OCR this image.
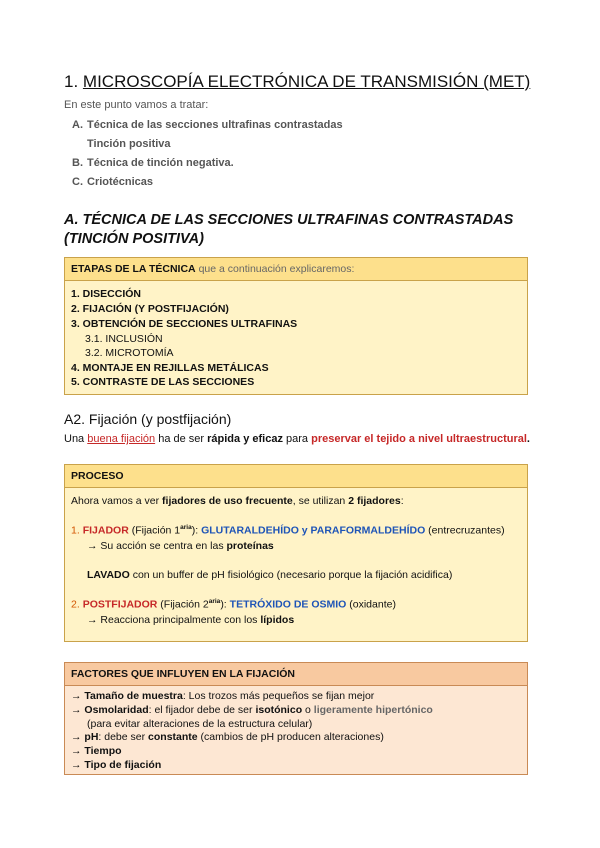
1. MICROSCOPÍA ELECTRÓNICA DE TRANSMISIÓN (MET)
En este punto vamos a tratar:
A. Técnica de las secciones ultrafinas contrastadas
Tinción positiva
B. Técnica de tinción negativa.
C. Criotécnicas
A. TÉCNICA DE LAS SECCIONES ULTRAFINAS CONTRASTADAS (TINCIÓN POSITIVA)
ETAPAS DE LA TÉCNICA que a continuación explicaremos:
1. DISECCIÓN
2. FIJACIÓN (Y POSTFIJACIÓN)
3. OBTENCIÓN DE SECCIONES ULTRAFINAS
3.1. INCLUSIÓN
3.2. MICROTOMÍA
4. MONTAJE EN REJILLAS METÁLICAS
5. CONTRASTE DE LAS SECCIONES
A2. Fijación (y postfijación)
Una buena fijación ha de ser rápida y eficaz para preservar el tejido a nivel ultraestructural.
PROCESO
Ahora vamos a ver fijadores de uso frecuente, se utilizan 2 fijadores:
1. FIJADOR (Fijación $1^{aria}$): GLUTARALDEHÍDO y PARAFORMALDEHÍDO (entrecruzantes)
→ Su acción se centra en las proteínas
LAVADO con un buffer de pH fisiológico (necesario porque la fijación acidifica)
2. POSTFIJADOR (Fijación $2^{aria}$): TETRÓXIDO DE OSMIO (oxidante)
→ Reacciona principalmente con los lípidos
FACTORES QUE INFLUYEN EN LA FIJACIÓN
→ Tamaño de muestra: Los trozos más pequeños se fijan mejor
→ Osmolaridad: el fijador debe de ser isotónico o ligeramente hipertónico
(para evitar alteraciones de la estructura celular)
→ pH: debe ser constante (cambios de pH producen alteraciones)
→ Tiempo
→ Tipo de fijación
